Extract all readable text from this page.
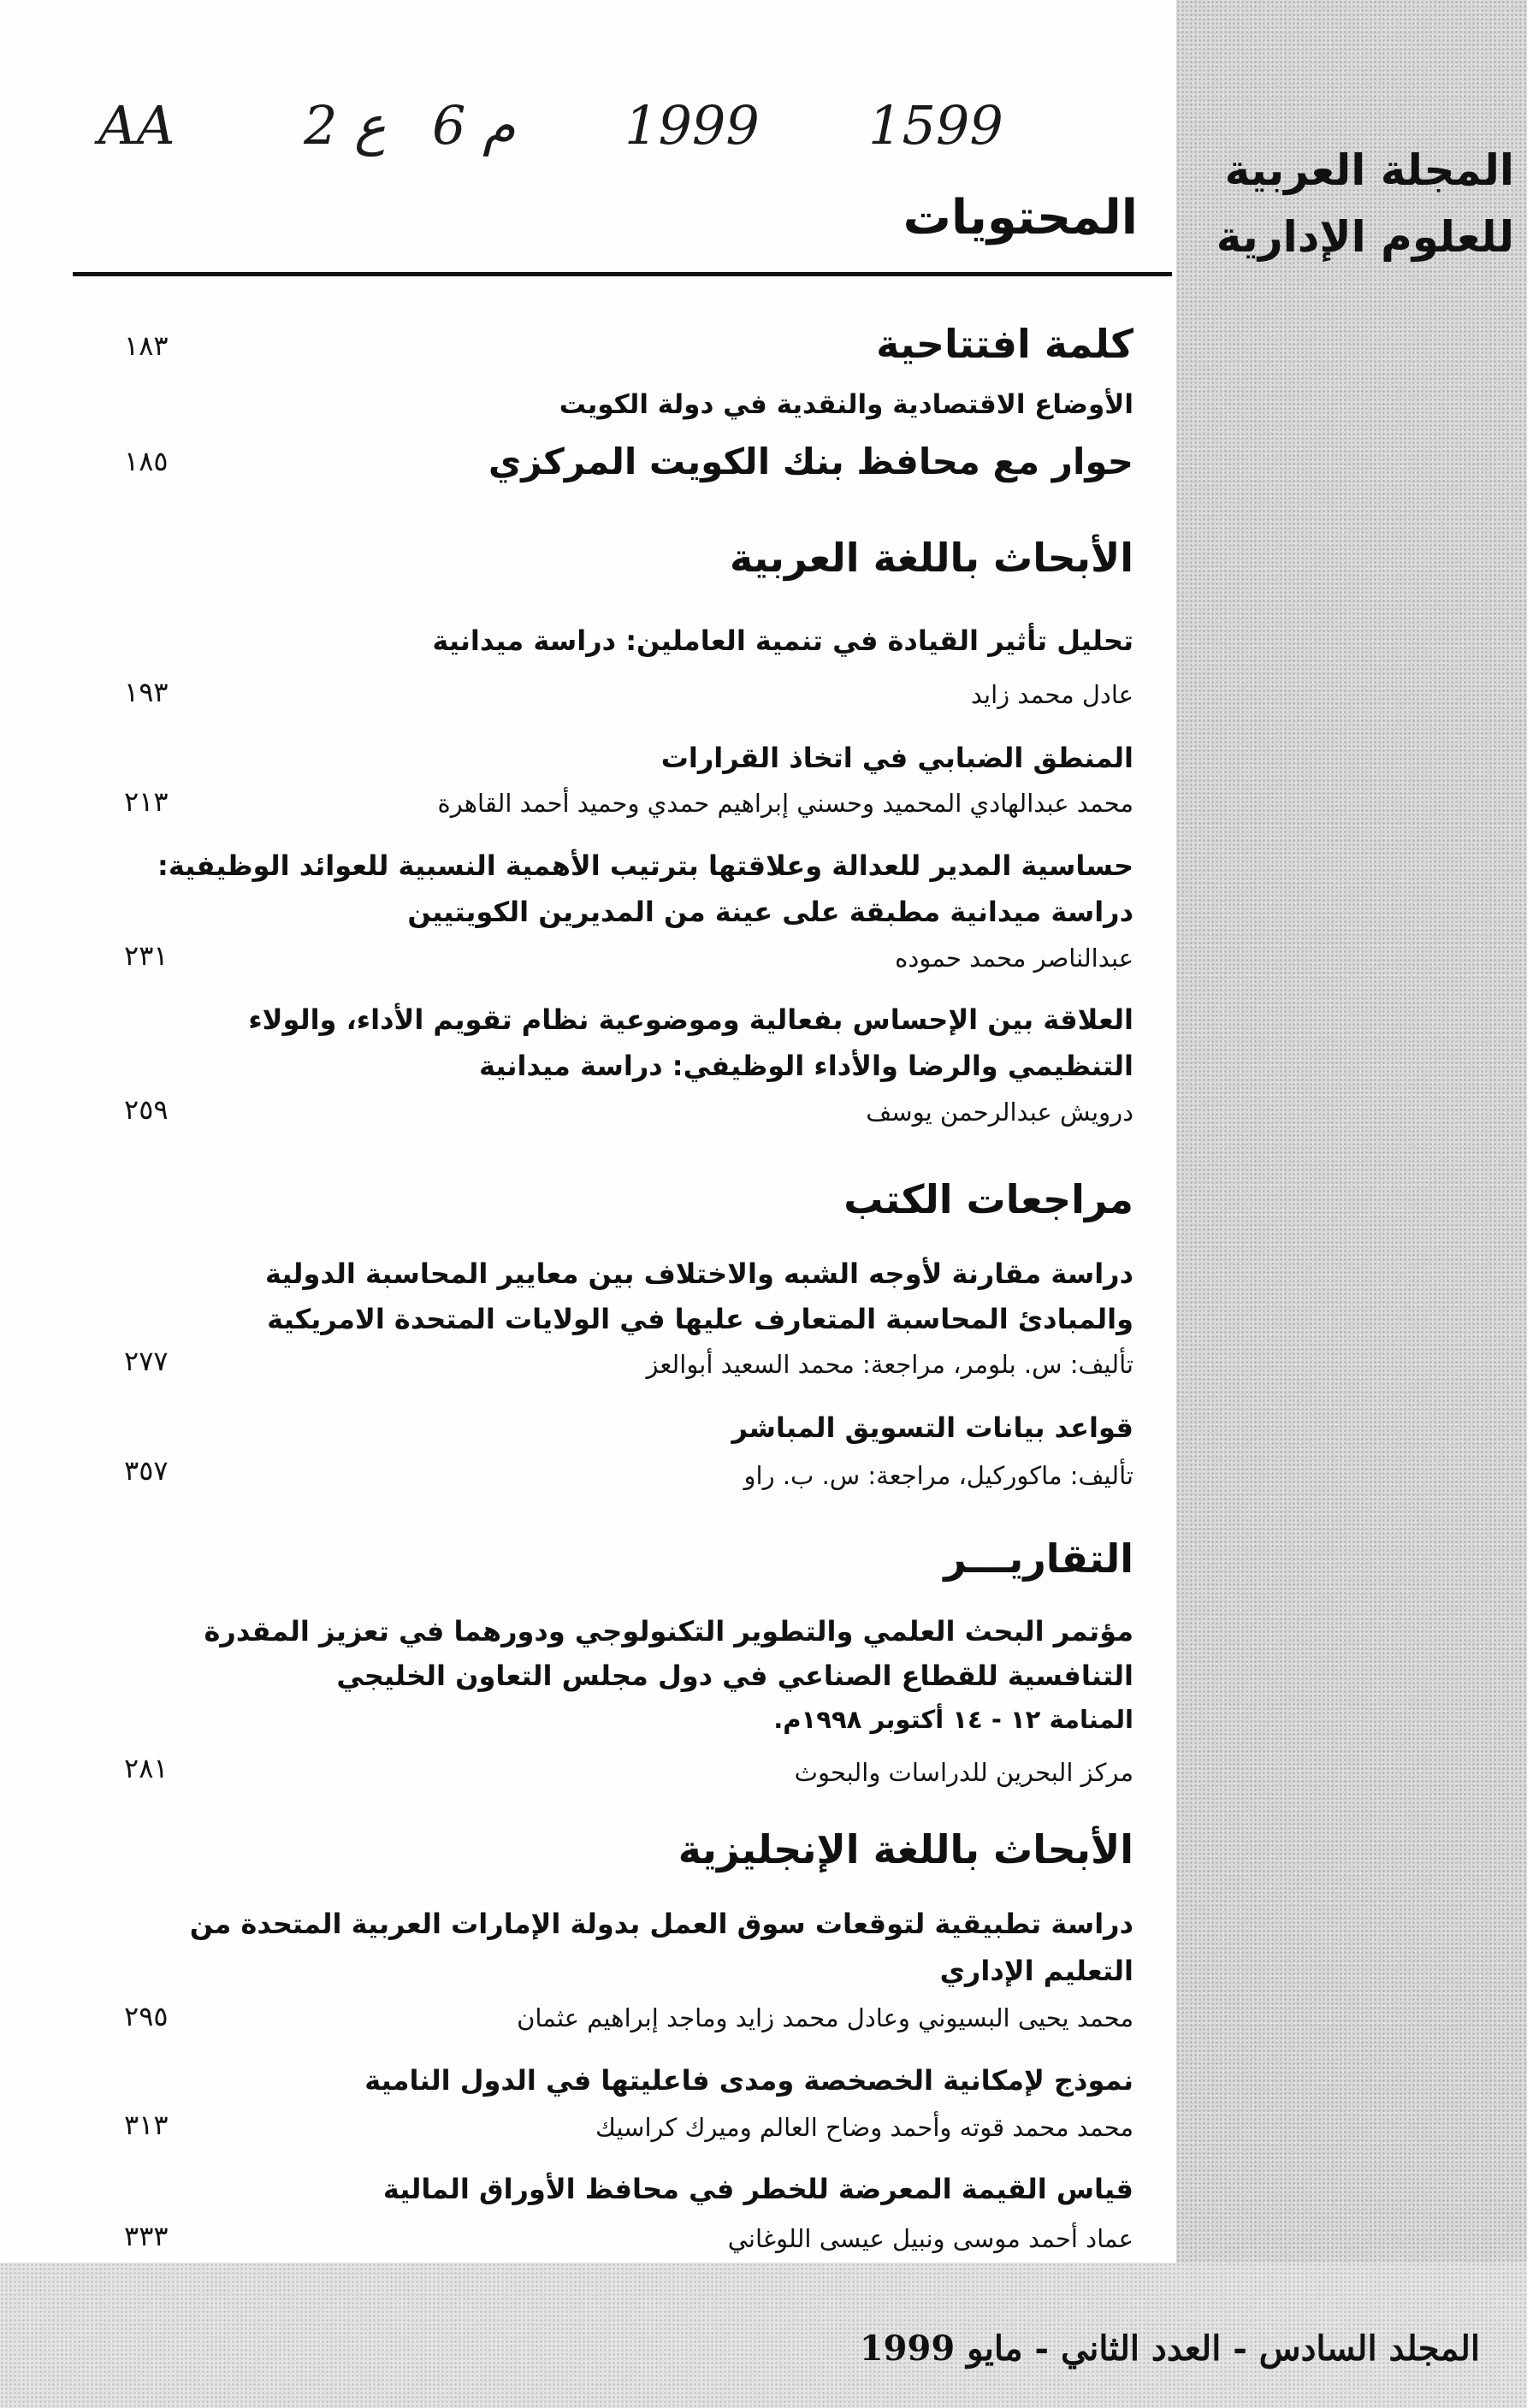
المجلة العربية
للعلوم الإدارية
1599
1999
م 6
ع 2
AA
المحتويات
كلمة افتتاحية
١٨٣
الأوضاع الاقتصادية والنقدية في دولة الكويت
حوار مع محافظ بنك الكويت المركزي
١٨٥
الأبحاث باللغة العربية
تحليل تأثير القيادة في تنمية العاملين: دراسة ميدانية
عادل محمد زايد
١٩٣
المنطق الضبابي في اتخاذ القرارات
محمد عبدالهادي المحميد وحسني إبراهيم حمدي وحميد أحمد القاهرة
٢١٣
حساسية المدير للعدالة وعلاقتها بترتيب الأهمية النسبية للعوائد الوظيفية:
دراسة ميدانية مطبقة على عينة من المديرين الكويتيين
عبدالناصر محمد حموده
٢٣١
العلاقة بين الإحساس بفعالية وموضوعية نظام تقويم الأداء، والولاء
التنظيمي والرضا والأداء الوظيفي: دراسة ميدانية
درويش عبدالرحمن يوسف
٢٥٩
مراجعات الكتب
دراسة مقارنة لأوجه الشبه والاختلاف بين معايير المحاسبة الدولية
والمبادئ المحاسبة المتعارف عليها في الولايات المتحدة الامريكية
تأليف: س. بلومر، مراجعة: محمد السعيد أبوالعز
٢٧٧
قواعد بيانات التسويق المباشر
تأليف: ماكوركيل، مراجعة: س. ب. راو
٣٥٧
التقاريـــر
مؤتمر البحث العلمي والتطوير التكنولوجي ودورهما في تعزيز المقدرة
التنافسية للقطاع الصناعي في دول مجلس التعاون الخليجي
المنامة ١٢ - ١٤ أكتوبر ١٩٩٨م.
مركز البحرين للدراسات والبحوث
٢٨١
الأبحاث باللغة الإنجليزية
دراسة تطبيقية لتوقعات سوق العمل بدولة الإمارات العربية المتحدة من
التعليم الإداري
محمد يحيى البسيوني وعادل محمد زايد وماجد إبراهيم عثمان
٢٩٥
نموذج لإمكانية الخصخصة ومدى فاعليتها في الدول النامية
محمد محمد قوته وأحمد وضاح العالم وميرك كراسيك
٣١٣
قياس القيمة المعرضة للخطر في محافظ الأوراق المالية
عماد أحمد موسى ونبيل عيسى اللوغاني
٣٣٣
المجلد السادس - العدد الثاني - مايو 1999
